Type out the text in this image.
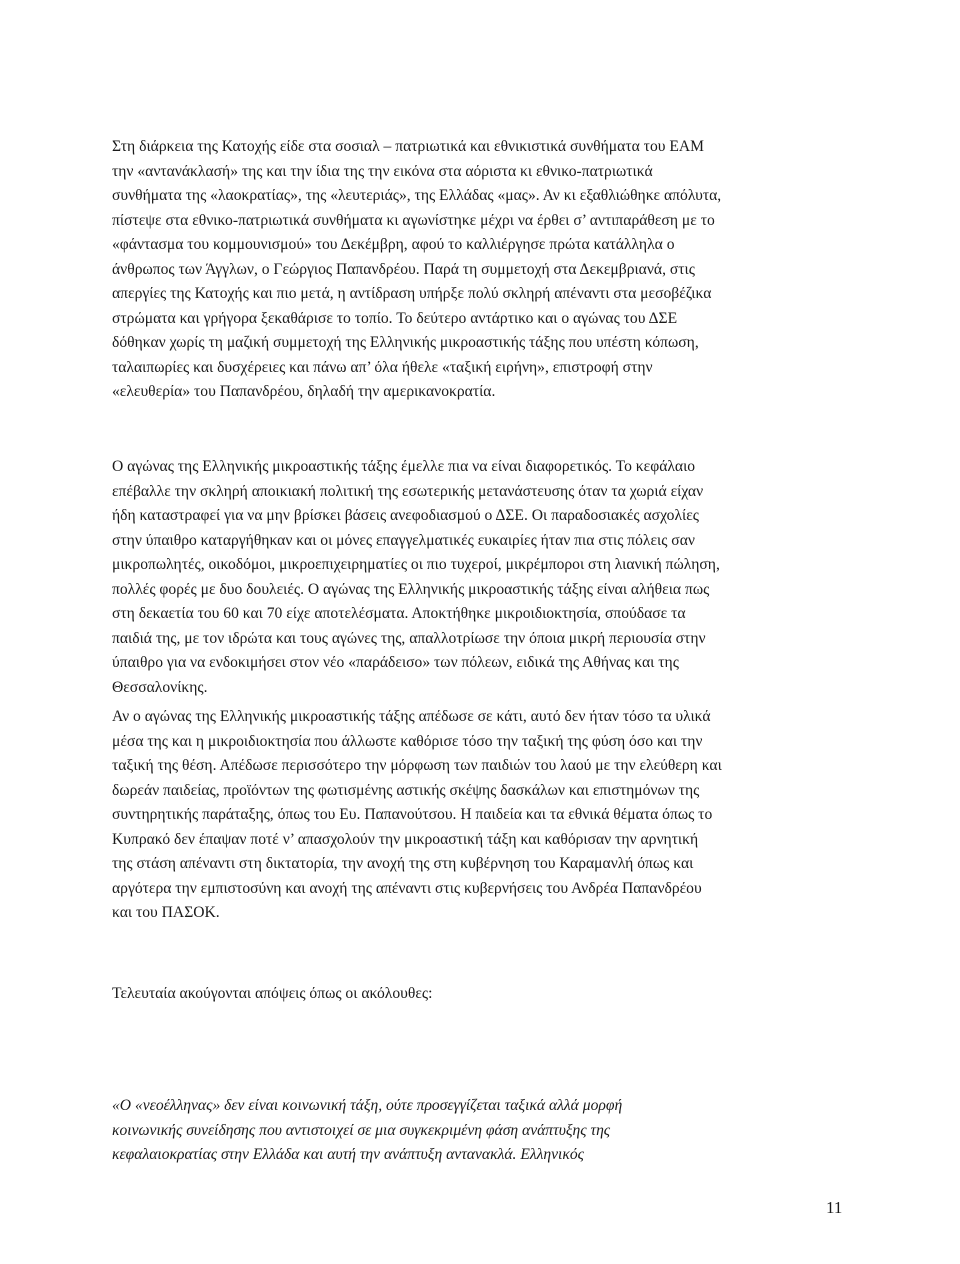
Στη διάρκεια της Κατοχής είδε στα σοσιαλ – πατριωτικά και εθνικιστικά συνθήματα του ΕΑΜ
την «αντανάκλασή» της και την ίδια της την εικόνα στα αόριστα κι εθνικο-πατριωτικά
συνθήματα της «λαοκρατίας», της «λευτεριάς», της Ελλάδας «μας». Αν κι εξαθλιώθηκε απόλυτα,
πίστεψε στα εθνικο-πατριωτικά συνθήματα κι αγωνίστηκε μέχρι να έρθει σ’ αντιπαράθεση με το
«φάντασμα του κομμουνισμού» του Δεκέμβρη, αφού το καλλιέργησε πρώτα κατάλληλα ο
άνθρωπος των Άγγλων, ο Γεώργιος Παπανδρέου. Παρά τη συμμετοχή στα Δεκεμβριανά, στις
απεργίες της Κατοχής και πιο μετά, η αντίδραση υπήρξε πολύ σκληρή απέναντι στα μεσοβέζικα
στρώματα και γρήγορα ξεκαθάρισε το τοπίο. Το δεύτερο αντάρτικο και ο αγώνας του ΔΣΕ
δόθηκαν χωρίς τη μαζική συμμετοχή της Ελληνικής μικροαστικής τάξης που υπέστη κόπωση,
ταλαιπωρίες και δυσχέρειες και πάνω απ’ όλα ήθελε «ταξική ειρήνη», επιστροφή στην
«ελευθερία» του Παπανδρέου, δηλαδή την αμερικανοκρατία.

Ο αγώνας της Ελληνικής μικροαστικής τάξης έμελλε πια να είναι διαφορετικός. Το κεφάλαιο
επέβαλλε την σκληρή αποικιακή πολιτική της εσωτερικής μετανάστευσης όταν τα χωριά είχαν
ήδη καταστραφεί για να μην βρίσκει βάσεις ανεφοδιασμού ο ΔΣΕ. Οι παραδοσιακές ασχολίες
στην ύπαιθρο καταργήθηκαν και οι μόνες επαγγελματικές ευκαιρίες ήταν πια στις πόλεις σαν
μικροπωλητές, οικοδόμοι, μικροεπιχειρηματίες οι πιο τυχεροί, μικρέμποροι στη λιανική πώληση,
πολλές φορές με δυο δουλειές. Ο αγώνας της Ελληνικής μικροαστικής τάξης είναι αλήθεια πως
στη δεκαετία του 60 και 70 είχε αποτελέσματα. Αποκτήθηκε μικροιδιοκτησία, σπούδασε τα
παιδιά της, με τον ιδρώτα και τους αγώνες της, απαλλοτρίωσε την όποια μικρή περιουσία στην
ύπαιθρο για να ενδοκιμήσει στον νέο «παράδεισο» των πόλεων, ειδικά της Αθήνας και της
Θεσσαλονίκης.

Αν ο αγώνας της Ελληνικής μικροαστικής τάξης απέδωσε σε κάτι, αυτό δεν ήταν τόσο τα υλικά
μέσα της και η μικροιδιοκτησία που άλλωστε καθόρισε τόσο την ταξική της φύση όσο και την
ταξική της θέση. Απέδωσε περισσότερο την μόρφωση των παιδιών του λαού με την ελεύθερη και
δωρεάν παιδείας, προϊόντων της φωτισμένης αστικής σκέψης δασκάλων και επιστημόνων της
συντηρητικής παράταξης, όπως του Ευ. Παπανούτσου. Η παιδεία και τα εθνικά θέματα όπως το
Κυπρακό δεν έπαψαν ποτέ ν’ απασχολούν την μικροαστική τάξη και καθόρισαν την αρνητική
της στάση απέναντι στη δικτατορία, την ανοχή της στη κυβέρνηση του Καραμανλή όπως και
αργότερα την εμπιστοσύνη και ανοχή της απέναντι στις κυβερνήσεις του Ανδρέα Παπανδρέου
και του ΠΑΣΟΚ.

Τελευταία ακούγονται απόψεις όπως οι ακόλουθες:

«Ο «νεοέλληνας» δεν είναι κοινωνική τάξη, ούτε προσεγγίζεται ταξικά αλλά μορφή
κοινωνικής συνείδησης που αντιστοιχεί σε μια συγκεκριμένη φάση ανάπτυξης της
κεφαλαιοκρατίας στην Ελλάδα και αυτή την ανάπτυξη αντανακλά. Ελληνικός

11
